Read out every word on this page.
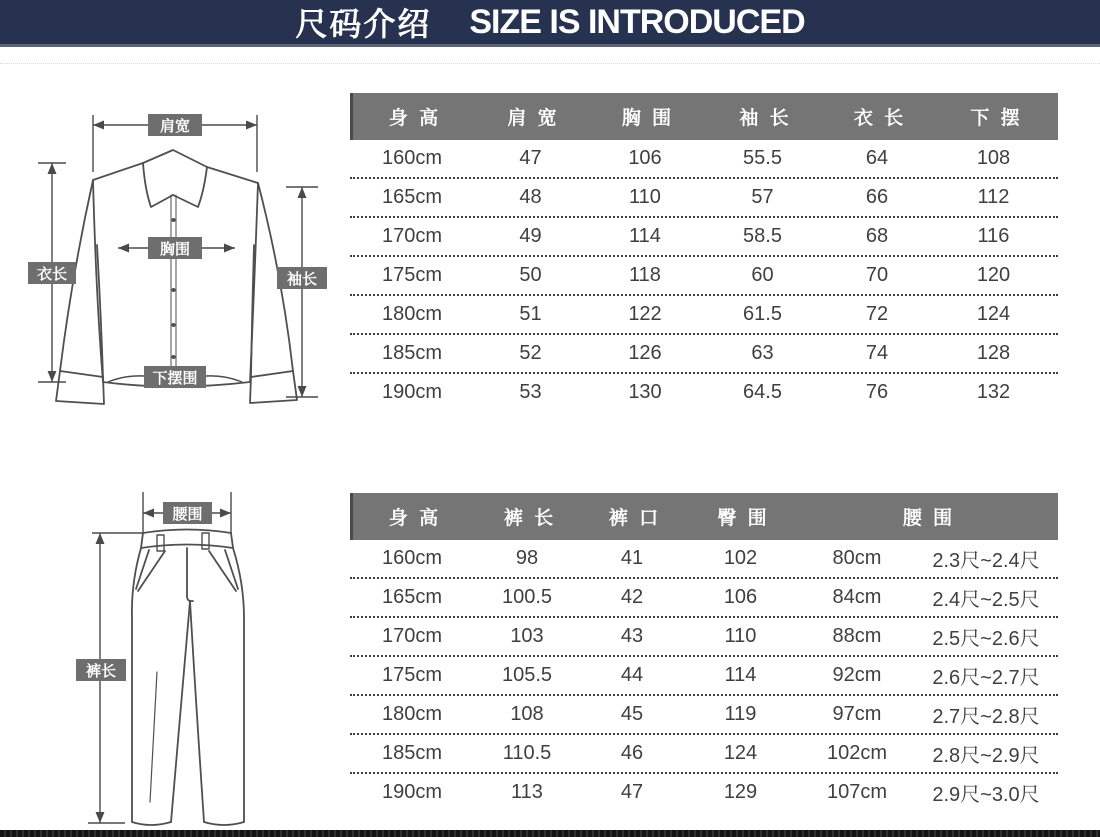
尺码介绍 SIZE IS INTRODUCED
肩宽
胸围
衣长	袖长
下摆围
腰围
裤长
身 高	肩 宽	胸 围	袖 长	衣 长	下 摆
160cm	47	106	55.5	64	108
165cm	48	110	57	66	112
170cm	49	114	58.5	68	116
175cm	50	118	60	70	120
180cm	51	122	61.5	72	124
185cm	52	126	63	74	128
190cm	53	130	64.5	76	132
身 高	裤 长	裤 口	臀 围	腰 围
160cm	98	41	102	80cm	2.3尺~2.4尺
165cm	100.5	42	106	84cm	2.4尺~2.5尺
170cm	103	43	110	88cm	2.5尺~2.6尺
175cm	105.5	44	114	92cm	2.6尺~2.7尺
180cm	108	45	119	97cm	2.7尺~2.8尺
185cm	110.5	46	124	102cm	2.8尺~2.9尺
190cm	113	47	129	107cm	2.9尺~3.0尺
